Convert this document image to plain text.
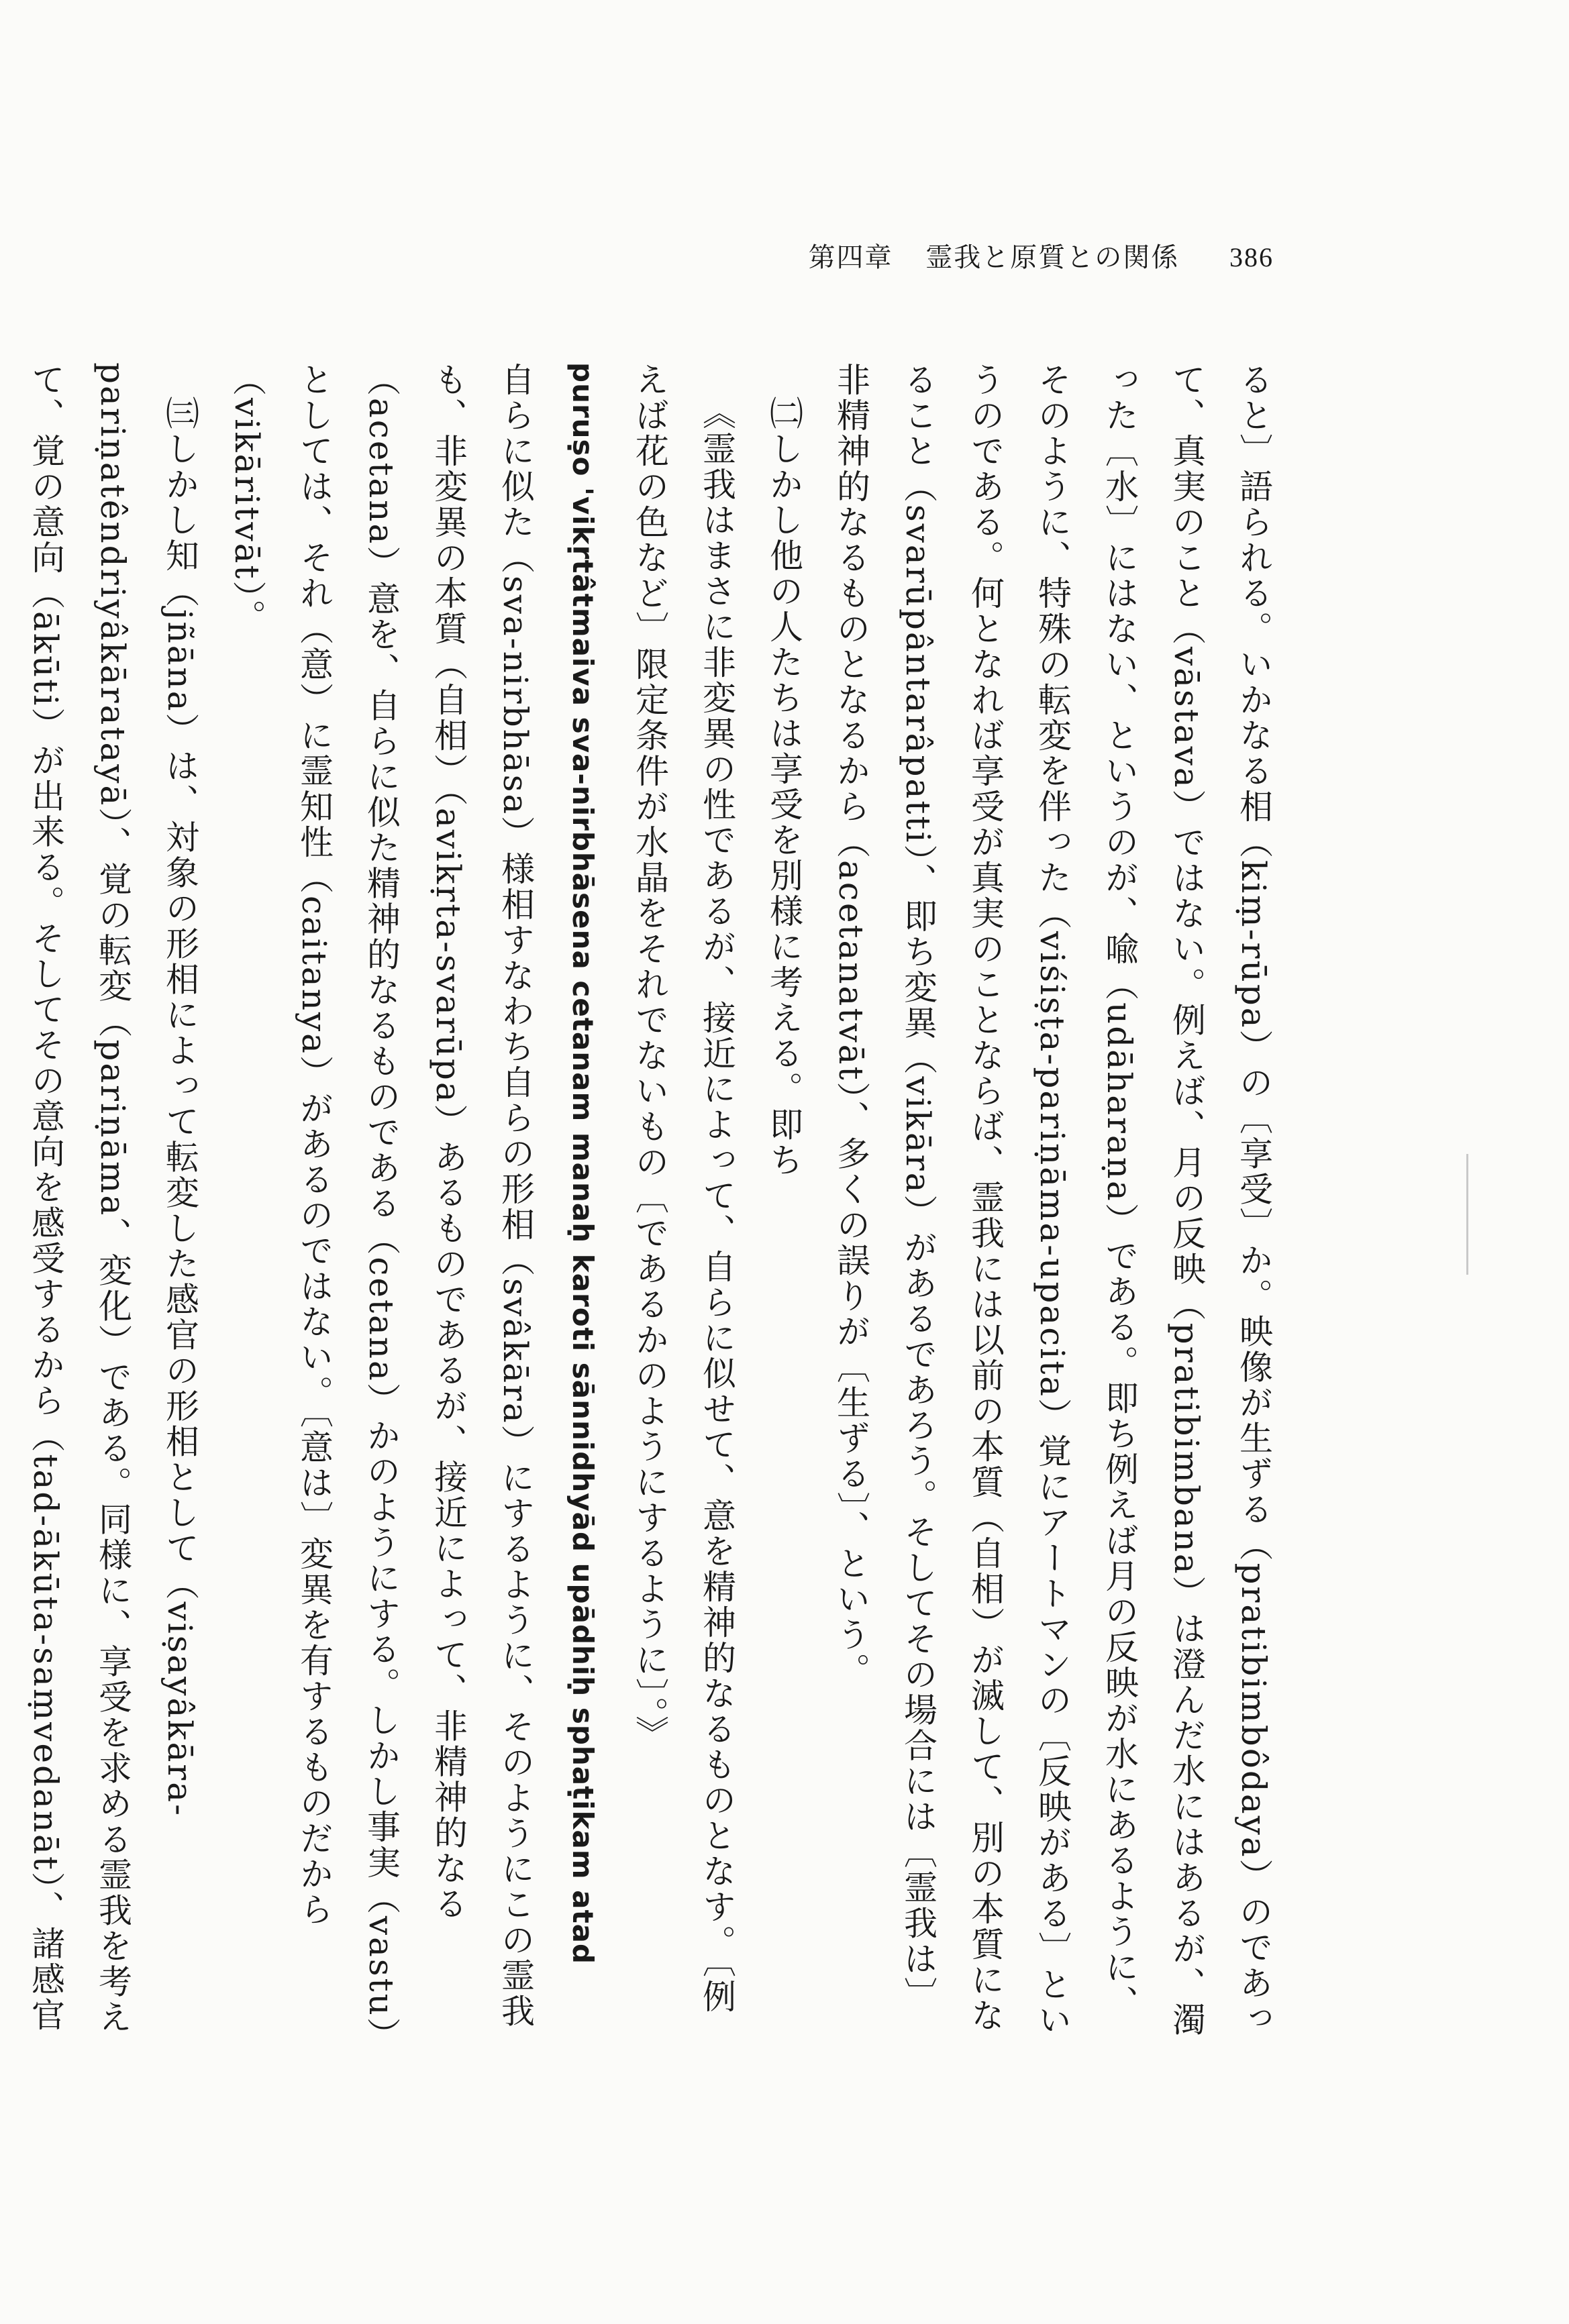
第四章 霊我と原質との関係 386

ると〕語られる。いかなる相（kiṃ-rūpa）の〔享受〕か。映像が生ずる（pratibimbôdaya）のであって、真実のこと（vāstava）ではない。例えば、月の反映（pratibimbana）は澄んだ水にはあるが、濁った〔水〕にはない、というのが、喩（udāharaṇa）である。即ち例えば月の反映が水にあるように、そのように、特殊の転変を伴った（viśiṣṭa-pariṇāma-upacita）覚にアートマンの〔反映がある〕というのである。何となれば享受が真実のことならば、霊我には以前の本質（自相）が滅して、別の本質になること（svarūpântarâpatti）、即ち変異（vikāra）があるであろう。そしてその場合には〔霊我は〕非精神的なるものとなるから（acetanatvāt）、多くの誤りが〔生ずる〕、という。

㈡しかし他の人たちは享受を別様に考える。即ち

《霊我はまさに非変異の性であるが、接近によって、自らに似せて、意を精神的なるものとなす。〔例えば花の色など〕限定条件が水晶をそれでないもの〔であるかのようにするように〕。》

puruṣo 'vikṛtâtmaiva sva-nirbhāsena cetanam manaḥ karoti sānnidhyād upādhiḥ sphaṭikam atad

自らに似た（sva-nirbhāsa）様相すなわち自らの形相（svâkāra）にするように、そのようにこの霊我も、非変異の本質（自相）（avikṛta-svarūpa）あるものであるが、接近によって、非精神的なる（acetana）意を、自らに似た精神的なるものである（cetana）かのようにする。しかし事実（vastu）としては、それ（意）に霊知性（caitanya）があるのではない。〔意は〕変異を有するものだから（vikāritvāt）。

㈢しかし知（jñāna）は、対象の形相によって転変した感官の形相として（viṣayâkāra-pariṇatêndriyâkāratayā）、覚の転変（pariṇāma、変化）である。同様に、享受を求める霊我を考えて、覚の意向（ākūti）が出来る。そしてその意向を感受するから（tad-ākūta-saṃvedanāt）、諸感官
